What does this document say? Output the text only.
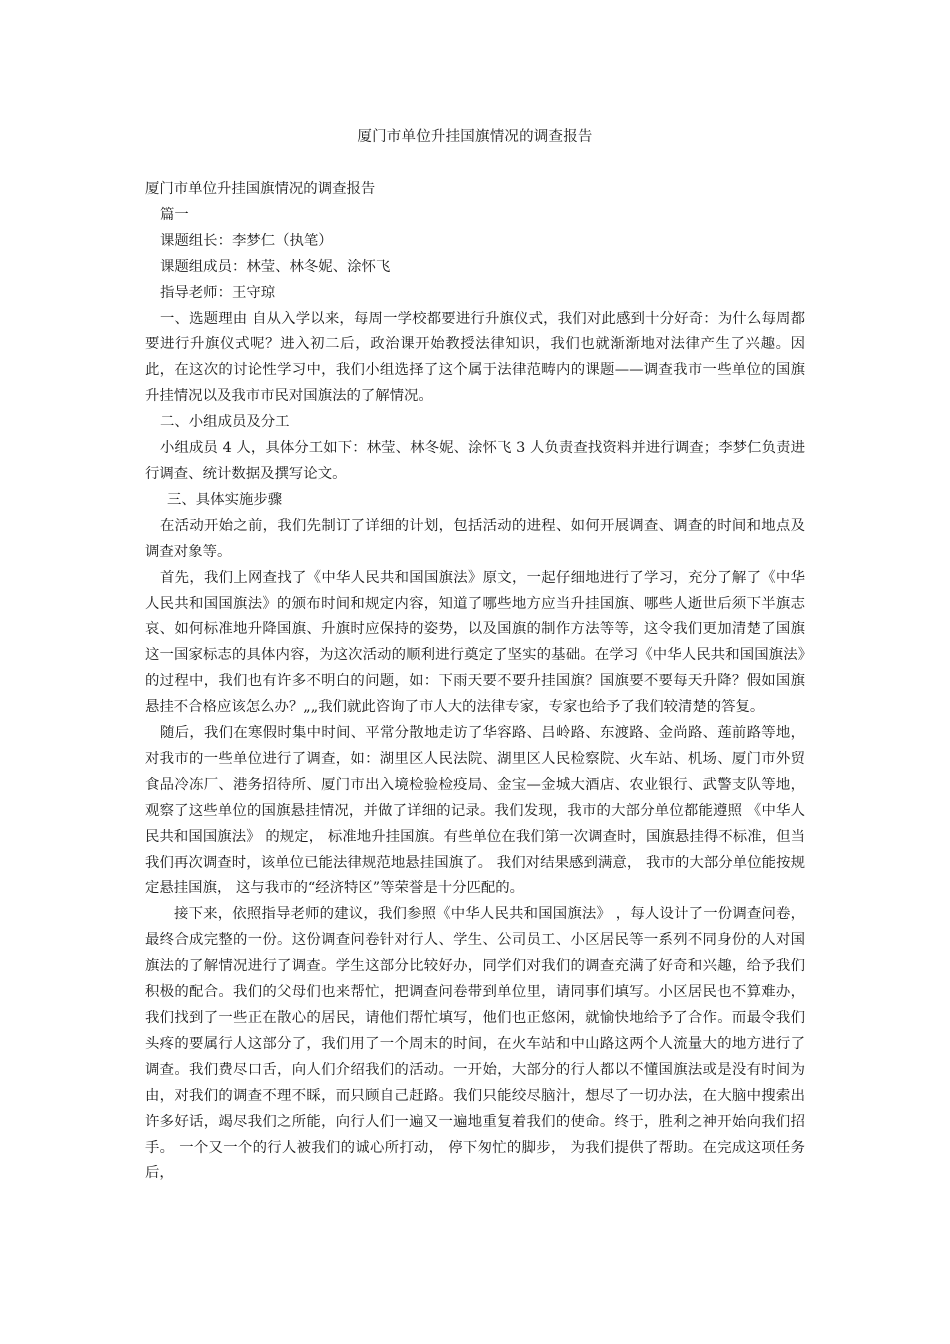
厦门市单位升挂国旗情况的调查报告

厦门市单位升挂国旗情况的调查报告

篇一

课题组长：李梦仁（执笔）

课题组成员：林莹、林冬妮、涂怀飞

指导老师：王守琼

一、选题理由 自从入学以来，每周一学校都要进行升旗仪式，我们对此感到十分好奇：为什么每周都要进行升旗仪式呢？进入初二后，政治课开始教授法律知识，我们也就渐渐地对法律产生了兴趣。因此，在这次的讨论性学习中，我们小组选择了这个属于法律范畴内的课题——调查我市一些单位的国旗升挂情况以及我市市民对国旗法的了解情况。

二、小组成员及分工

小组成员 4 人，具体分工如下：林莹、林冬妮、涂怀飞 3 人负责查找资料并进行调查；李梦仁负责进行调查、统计数据及撰写论文。

三、具体实施步骤

在活动开始之前，我们先制订了详细的计划，包括活动的进程、如何开展调查、调查的时间和地点及调查对象等。

首先，我们上网查找了《中华人民共和国国旗法》原文，一起仔细地进行了学习，充分了解了《中华人民共和国国旗法》的颁布时间和规定内容，知道了哪些地方应当升挂国旗、哪些人逝世后须下半旗志哀、如何标准地升降国旗、升旗时应保持的姿势，以及国旗的制作方法等等，这令我们更加清楚了国旗这一国家标志的具体内容，为这次活动的顺利进行奠定了坚实的基础。在学习《中华人民共和国国旗法》的过程中，我们也有许多不明白的问题，如：下雨天要不要升挂国旗？国旗要不要每天升降？假如国旗悬挂不合格应该怎么办？„„我们就此咨询了市人大的法律专家，专家也给予了我们较清楚的答复。

随后，我们在寒假时集中时间、平常分散地走访了华容路、吕岭路、东渡路、金尚路、莲前路等地，对我市的一些单位进行了调查，如：湖里区人民法院、湖里区人民检察院、火车站、机场、厦门市外贸食品冷冻厂、港务招待所、厦门市出入境检验检疫局、金宝—金城大酒店、农业银行、武警支队等地，观察了这些单位的国旗悬挂情况，并做了详细的记录。我们发现，我市的大部分单位都能遵照 《中华人民共和国国旗法》 的规定， 标准地升挂国旗。有些单位在我们第一次调查时，国旗悬挂得不标准，但当我们再次调查时，该单位已能法律规范地悬挂国旗了。 我们对结果感到满意， 我市的大部分单位能按规定悬挂国旗， 这与我市的“经济特区”等荣誉是十分匹配的。

接下来，依照指导老师的建议，我们参照《中华人民共和国国旗法》 ，每人设计了一份调查问卷，最终合成完整的一份。这份调查问卷针对行人、学生、公司员工、小区居民等一系列不同身份的人对国旗法的了解情况进行了调查。学生这部分比较好办，同学们对我们的调查充满了好奇和兴趣，给予我们积极的配合。我们的父母们也来帮忙，把调查问卷带到单位里，请同事们填写。小区居民也不算难办，我们找到了一些正在散心的居民，请他们帮忙填写，他们也正悠闲，就愉快地给予了合作。而最令我们头疼的要属行人这部分了，我们用了一个周末的时间，在火车站和中山路这两个人流量大的地方进行了调查。我们费尽口舌，向人们介绍我们的活动。一开始，大部分的行人都以不懂国旗法或是没有时间为由，对我们的调查不理不睬，而只顾自己赶路。我们只能绞尽脑汁，想尽了一切办法，在大脑中搜索出许多好话，竭尽我们之所能，向行人们一遍又一遍地重复着我们的使命。终于，胜利之神开始向我们招手。 一个又一个的行人被我们的诚心所打动， 停下匆忙的脚步， 为我们提供了帮助。在完成这项任务后，
